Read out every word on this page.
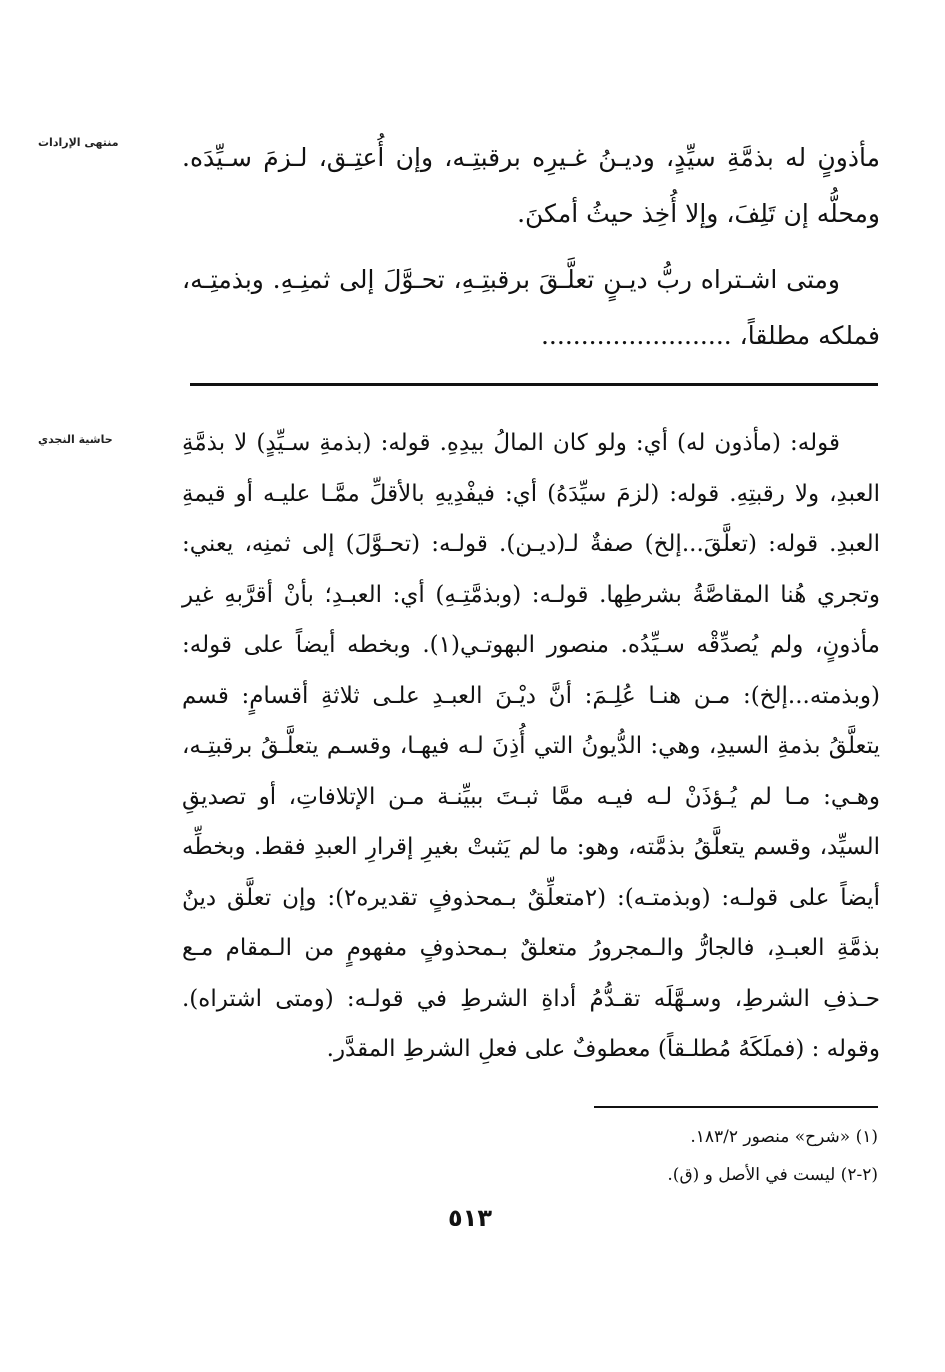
منتهى الإرادات

مأذونٍ له بذمَّةِ سيِّدٍ، وديـنُ غـيرِه برقبتِـه، وإن أُعتِـق، لـزمَ سـيِّدَه. ومحلُّه إن تَلِفَ، وإلا أُخِذ حيثُ أمكنَ.

ومتى اشـتراه ربُّ ديـنٍ تعلَّـقَ برقبتِـهِ، تحـوَّلَ إلى ثمنِـهِ. وبذمتِـه، فملكه مطلقاً، ........................

حاشية النجدي	قوله: (مأذون له) أي: ولو كان المالُ بيدِهِ. قوله: (بذمةِ سـيِّدٍ) لا بذمَّةِ العبدِ، ولا رقبتِهِ. قوله: (لزمَ سيِّدَهُ) أي: فيفْدِيهِ بالأقلِّ ممَّـا عليـه أو قيمةِ العبدِ. قوله: (تعلَّقَ...إلخ) صفةٌ لـ(ديـن). قولـه: (تحـوَّلَ) إلى ثمنِه، يعني: وتجري هُنا المقاصَّةُ بشرطِها. قولـه: (وبذمَّتِـهِ) أي: العبـدِ؛ بأنْ أقرَّبهِ غير مأذونٍ، ولم يُصدِّقْه سـيِّدُه. منصور البهوتـي(١). وبخطه أيضاً على قوله: (وبذمته...إلخ): مـن هنـا عُلِـمَ: أنَّ ديْـنَ العبـدِ علـى ثلاثةِ أقسامٍ: قسم يتعلَّقُ بذمةِ السيدِ، وهي: الدُّيونُ التي أُذِنَ لـه فيهـا، وقسـم يتعلَّـقُ برقبتِـه، وهـي: مـا لم يُـؤذَنْ لـه فيـه ممَّا ثبـتَ ببيِّنـة مـن الإتلافاتِ، أو تصديقِ السيِّد، وقسم يتعلَّقُ بذمَّته، وهو: ما لم يَثبتْ بغيرِ إقرارِ العبدِ فقط. وبخطِّه أيضاً على قولـه: (وبذمتـه): (٢متعلِّقٌ بـمحذوفٍ تقديره٢): وإن تعلَّق دينٌ بذمَّةِ العبـدِ، فالجارُّ والـمجرورُ متعلقٌ بـمحذوفٍ مفهومٍ من الـمقام مـع حـذفِ الشرطِ، وسـهَّلَه تقـدُّمُ أداةِ الشرطِ في قولـه: (ومتى اشتراه). وقوله : (فملَكَهُ مُطلـقاً) معطوفٌ على فعلِ الشرطِ المقدَّر.

(١) «شرح» منصور ١٨٣/٢.
(٢-٢) ليست في الأصل و (ق).
٥١٣
